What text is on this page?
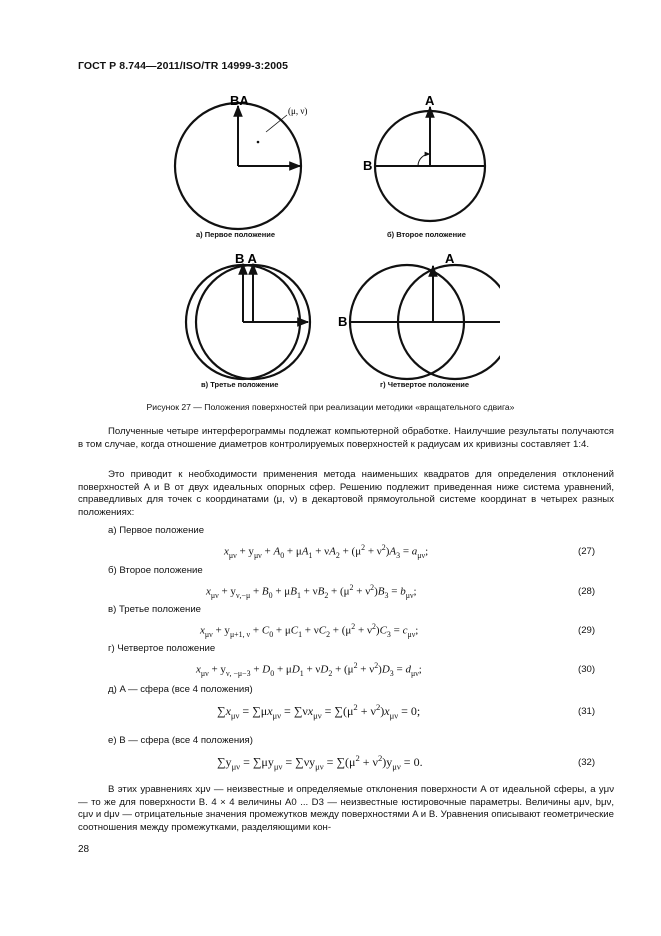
ГОСТ Р 8.744—2011/ISO/TR 14999-3:2005
BA
(μ, ν)
A
B
B A	A
B
а) Первое положение	б) Второе положение
в) Третье положение	г) Четвертое положение
Рисунок 27 — Положения поверхностей при реализации методики «вращательного сдвига»

Полученные четыре интерферограммы подлежат компьютерной обработке. Наилучшие результаты получаются в том случае, когда отношение диаметров контролируемых поверхностей к радиусам их кривизны составляет 1:4.

Это приводит к необходимости применения метода наименьших квадратов для определения отклонений поверхностей A и B от двух идеальных опорных сфер. Решению подлежит приведенная ниже система уравнений, справедливых для точек с координатами (μ, ν) в декартовой прямоугольной системе координат в четырех разных положениях:

а) Первое положение
$x_{\mu\nu} + y_{\mu\nu} + A_0 + \mu A_1 + \nu A_2 + (\mu^2 + \nu^2)A_3 = a_{\mu\nu}$;	(27)
б) Второе положение
$x_{\mu\nu} + y_{\nu,-\mu} + B_0 + \mu B_1 + \nu B_2 + (\mu^2 + \nu^2)B_3 = b_{\mu\nu}$;	(28)
в) Третье положение
$x_{\mu\nu} + y_{\mu+1, \nu} + C_0 + \mu C_1 + \nu C_2 + (\mu^2 + \nu^2)C_3 = c_{\mu\nu}$;	(29)
г) Четвертое положение
$x_{\mu\nu} + y_{\nu, -\mu-3} + D_0 + \mu D_1 + \nu D_2 + (\mu^2 + \nu^2)D_3 = d_{\mu\nu}$;	(30)
д) A — сфера (все 4 положения)
$\sum x_{\mu\nu} = \sum\mu x_{\mu\nu} = \sum\nu x_{\mu\nu} = \sum(\mu^2 + \nu^2)x_{\mu\nu} = 0$;	(31)
е) B — сфера (все 4 положения)
$\sum y_{\mu\nu} = \sum\mu y_{\mu\nu} = \sum\nu y_{\mu\nu} = \sum(\mu^2 + \nu^2)y_{\mu\nu} = 0$.	(32)

В этих уравнениях xμν — неизвестные и определяемые отклонения поверхности A от идеальной сферы, а yμν — то же для поверхности B. 4 × 4 величины A0 ... D3 — неизвестные юстировочные параметры. Величины aμν, bμν, cμν и dμν — отрицательные значения промежутков между поверхностями A и B. Уравнения описывают геометрические соотношения между промежутками, разделяющими кон-

28
